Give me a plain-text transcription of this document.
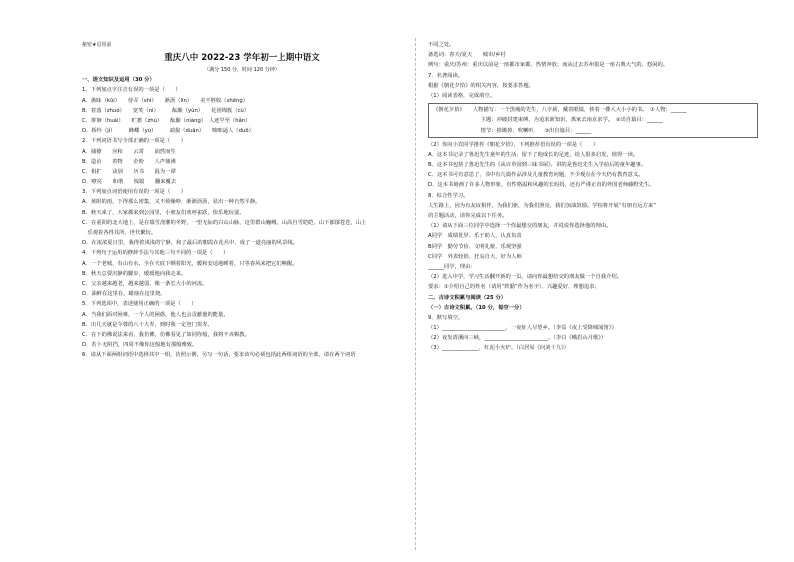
秘密★启用前
重庆八中 2022-23 学年初一上期中语文
（满分 150 分，时间 120 分钟）
一、语文知识及运用（30 分）
1．下列加点字注音有误的一项是（　　）
A．愚昧（kǔi）　　侍弄（shì）　　淅沥（lìn）　　美不胜收（shēng）
B．着落（zhuó）　　宽笑（nì）　　　酝酿（yùn）　　花团锦簇（cù）
C．徘徊（huái）　　贮蓄（zhù）　　酝酿（niàng）　人迹罕至（hǎn）
D．娇怜（jì）　　　蜂蝶（yú）　　　端倪（duān）　　咄咄逼人（duō）
2．下列词语书写全部正确的一项是（　　）
A．捕獠　　应和　　云霄　　油然而生
B．造访　　着物　　企盼　　人声鼎沸
C．相扩　　诀别　　历书　　混为一谭
D．嘹亮　　和谐　　梳镜　　翻来覆去
3．下列加点词语使用有误的一项是（　　）
A．黄阻的雨，下得那么密集，又不烦燥吵，淅淅沥沥，显出一种自然平静。
B．秋天来了，大家都来到公园里，小朋友们欢呼雀跃，快乐地玩耍。
C．在重阳的北大地上，是在瑞雪浇灌的冬野，一望无际的白山山脉，这里群山巍峨，山高自雪皑皑，山下郁郁苍苍，山上
　乐观着各得其所，世代繁衍。
D．在浓浓夏日里，我得着浅浅的宁静，和了最后的朝霞在花丛中，成了一道亮丽的风景线。
4．下列句子运用的修辞手法与其他三句不同的一项是（　　）
A．一个老城，有山有水，全在天底下晒着阳光，暖和安适地睡着，只等春风来把它们唤醒。
B．秋天总要沉静的脚步，缓缓地向我走来。
C．父亲越来越老，越来越弱，像一条长大小的河流。
D．油鲜在这里在，蜡烛在这里烧。
5．下列选项中，表述使用正确的一项是（　　）
A．当我们面对困难，一个人的困惑，他人也会贡献他的能量。
B．出几天就是令尊的八十大寿，到时我一定登门贺寿。
C．在下的佛说法来看，我仿佛，仿佛看见了如同你般，我将不吝赐教。
D．若卜无阻挡，四周不像你这般地有那般雅致。
6．请从下面两组词语中选择其中一组，仿照示例，另写一句话，要求该句必须包括此两组词语的全部，请在两个词语
不同之处。
备选词：春天/夏天　　城市/乡村
例句：重庆/苏州：重庆以前是一座都市家都，热情奔放；而从过去苏州很是一座古典大气的，悠闲的。
7．名著阅读。
根据《朝花夕拾》的相关内容，按要求答题。
（1）阅读表格，完成填空。
《朝花夕拾》　　人物描写：一个黑瘦的先生，八字须，戴着眼镜，挟着一叠大大小小的书。　①人物：______
　　　　　　　　　主题：冲破封建束缚，为追求新知识，离家去南京求学。　②出自篇目：______
　　　　　　　　　情节：捨锄掉、吹喇叭　　③出自篇目：______
（2）你向小宾同学推荐《朝花夕拾》，下列推荐语有误的一项是（　　）
A．这本书记录了鲁迅先生童年的生活，留下了他成长的足迹，给人很多启发，值得一读。
B．这本书包括了鲁迅先生的《从百草园到三味书屋》，讲的是鲁迅先生入学前后的童年趣事。
C．这本书可有意思了，书中有几篇作品涉及儿童教育问题，不少观点在今天仍有教育意义。
D．这本书刻画了许多人物形象，有性格温和风趣的长妈妈，还有严谨正直的外国老师藤野先生。
8．综合性学习。
人生路上，因为有友谊相伴，为我们驱，为我们照亮，我们加油鼓励。学校将开展“有朋自远方来”
的主题活动，请你完成以下任务。
（1）请从下面三位同学中选择一个你最想交的朋友，并说说你选择他的理由。
A同学　成绩优异、乐于助人、认真负责
B同学　勤劳节俭、文明礼貌、乐观坚强
C同学　外表较俏、狂妄自大、好为人师
______同学，理由：
（2）进入中学，学习生活翻开新的一页，请向你最想结交的朋友做一个自我介绍。
要求：①介绍自己的姓名（请用“阵勤”作为名字）、兴趣爱好、理想追求；
二、古诗文积累与阅读（25 分）
（一）古诗文积累。（10 分，每空一分）
9．默写填空。
（1）________________________，一夜征人尽望乡。（李益《夜上受降城闻笛》）
（2）夜发清溪向三峡，________________________。（李白《峨眉山月歌》）
（3）______________，红泥小火炉。（白居易《问刘十九》）
